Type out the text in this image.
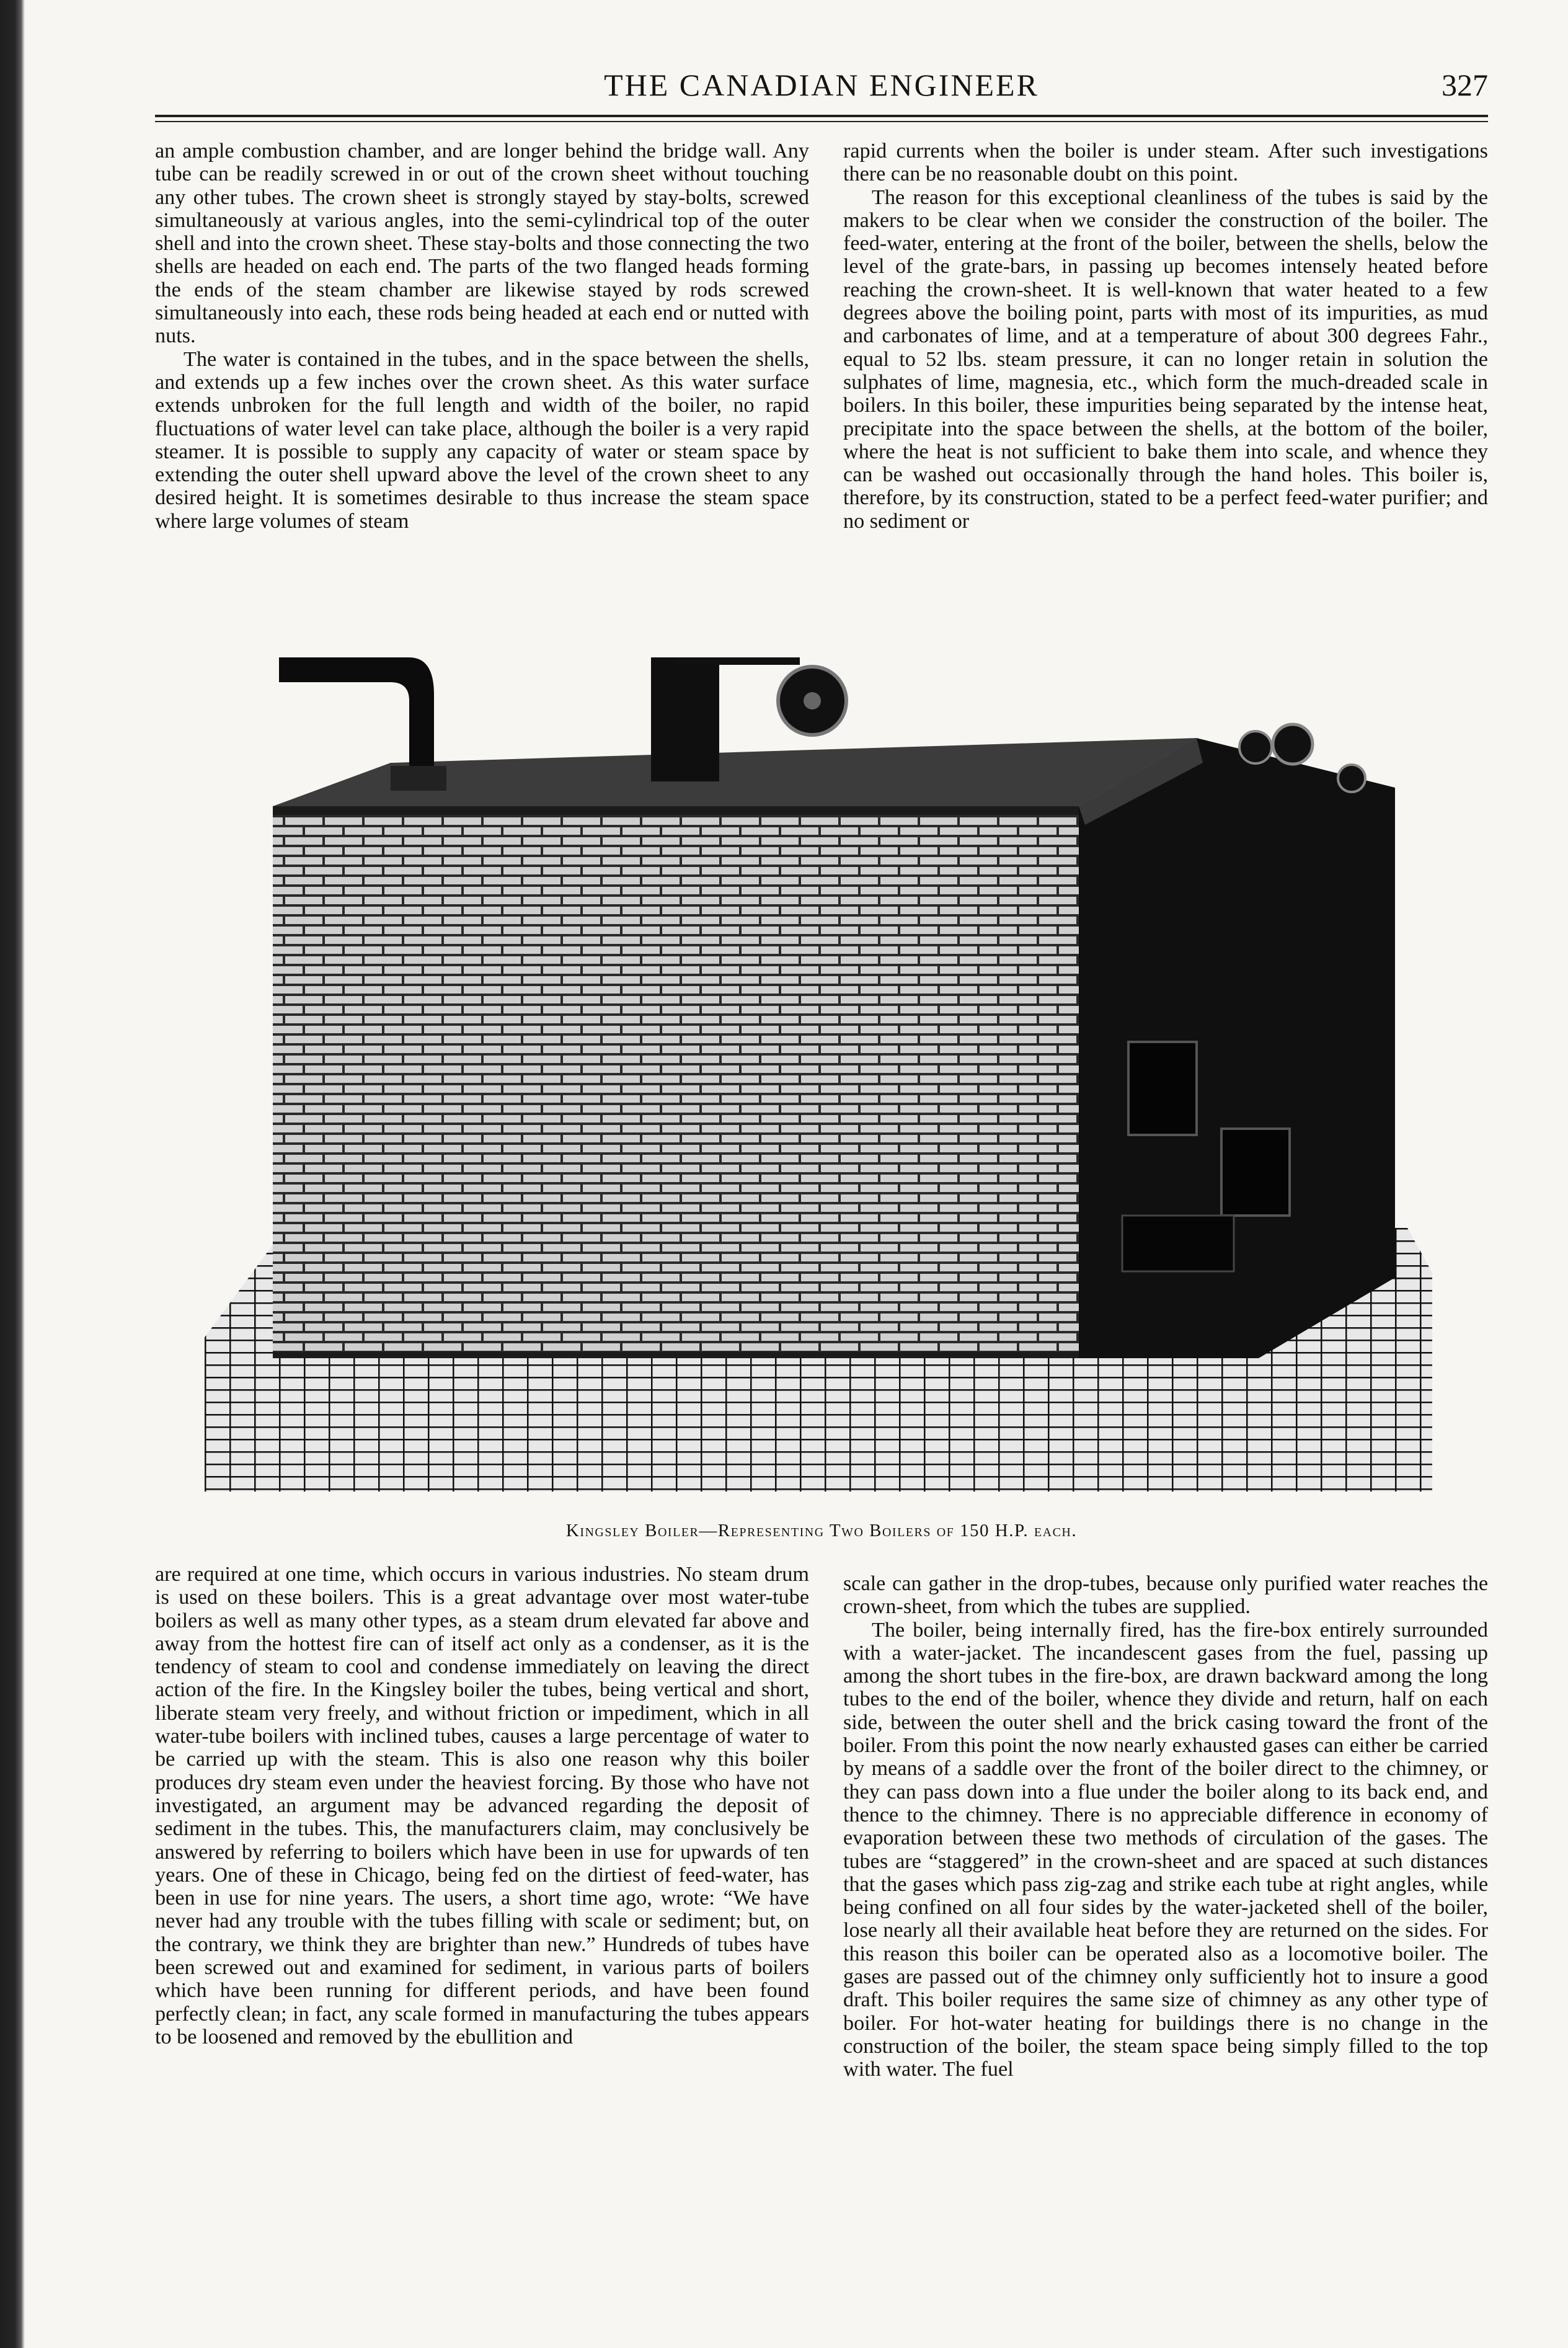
THE CANADIAN ENGINEER	327

an ample combustion chamber, and are longer behind the bridge wall. Any tube can be readily screwed in or out of the crown sheet without touching any other tubes. The crown sheet is strongly stayed by stay-bolts, screwed simultaneously at various angles, into the semi-cylindrical top of the outer shell and into the crown sheet. These stay-bolts and those connecting the two shells are headed on each end. The parts of the two flanged heads forming the ends of the steam chamber are likewise stayed by rods screwed simultaneously into each, these rods being headed at each end or nutted with nuts.

The water is contained in the tubes, and in the space between the shells, and extends up a few inches over the crown sheet. As this water surface extends unbroken for the full length and width of the boiler, no rapid fluctuations of water level can take place, although the boiler is a very rapid steamer. It is possible to supply any capacity of water or steam space by extending the outer shell upward above the level of the crown sheet to any desired height. It is sometimes desirable to thus increase the steam space where large volumes of steam

rapid currents when the boiler is under steam. After such investigations there can be no reasonable doubt on this point.

The reason for this exceptional cleanliness of the tubes is said by the makers to be clear when we consider the construction of the boiler. The feed-water, entering at the front of the boiler, between the shells, below the level of the grate-bars, in passing up becomes intensely heated before reaching the crown-sheet. It is well-known that water heated to a few degrees above the boiling point, parts with most of its impurities, as mud and carbonates of lime, and at a temperature of about 300 degrees Fahr., equal to 52 lbs. steam pressure, it can no longer retain in solution the sulphates of lime, magnesia, etc., which form the much-dreaded scale in boilers. In this boiler, these impurities being separated by the intense heat, precipitate into the space between the shells, at the bottom of the boiler, where the heat is not sufficient to bake them into scale, and whence they can be washed out occasionally through the hand holes. This boiler is, therefore, by its construction, stated to be a perfect feed-water purifier; and no sediment or

Kingsley Boiler—Representing Two Boilers of 150 H.P. each.

are required at one time, which occurs in various industries. No steam drum is used on these boilers. This is a great advantage over most water-tube boilers as well as many other types, as a steam drum elevated far above and away from the hottest fire can of itself act only as a condenser, as it is the tendency of steam to cool and condense immediately on leaving the direct action of the fire. In the Kingsley boiler the tubes, being vertical and short, liberate steam very freely, and without friction or impediment, which in all water-tube boilers with inclined tubes, causes a large percentage of water to be carried up with the steam. This is also one reason why this boiler produces dry steam even under the heaviest forcing. By those who have not investigated, an argument may be advanced regarding the deposit of sediment in the tubes. This, the manufacturers claim, may conclusively be answered by referring to boilers which have been in use for upwards of ten years. One of these in Chicago, being fed on the dirtiest of feed-water, has been in use for nine years. The users, a short time ago, wrote: “We have never had any trouble with the tubes filling with scale or sediment; but, on the contrary, we think they are brighter than new.” Hundreds of tubes have been screwed out and examined for sediment, in various parts of boilers which have been running for different periods, and have been found perfectly clean; in fact, any scale formed in manufacturing the tubes appears to be loosened and removed by the ebullition and

scale can gather in the drop-tubes, because only purified water reaches the crown-sheet, from which the tubes are supplied.

The boiler, being internally fired, has the fire-box entirely surrounded with a water-jacket. The incandescent gases from the fuel, passing up among the short tubes in the fire-box, are drawn backward among the long tubes to the end of the boiler, whence they divide and return, half on each side, between the outer shell and the brick casing toward the front of the boiler. From this point the now nearly exhausted gases can either be carried by means of a saddle over the front of the boiler direct to the chimney, or they can pass down into a flue under the boiler along to its back end, and thence to the chimney. There is no appreciable difference in economy of evaporation between these two methods of circulation of the gases. The tubes are “staggered” in the crown-sheet and are spaced at such distances that the gases which pass zig-zag and strike each tube at right angles, while being confined on all four sides by the water-jacketed shell of the boiler, lose nearly all their available heat before they are returned on the sides. For this reason this boiler can be operated also as a locomotive boiler. The gases are passed out of the chimney only sufficiently hot to insure a good draft. This boiler requires the same size of chimney as any other type of boiler. For hot-water heating for buildings there is no change in the construction of the boiler, the steam space being simply filled to the top with water. The fuel
